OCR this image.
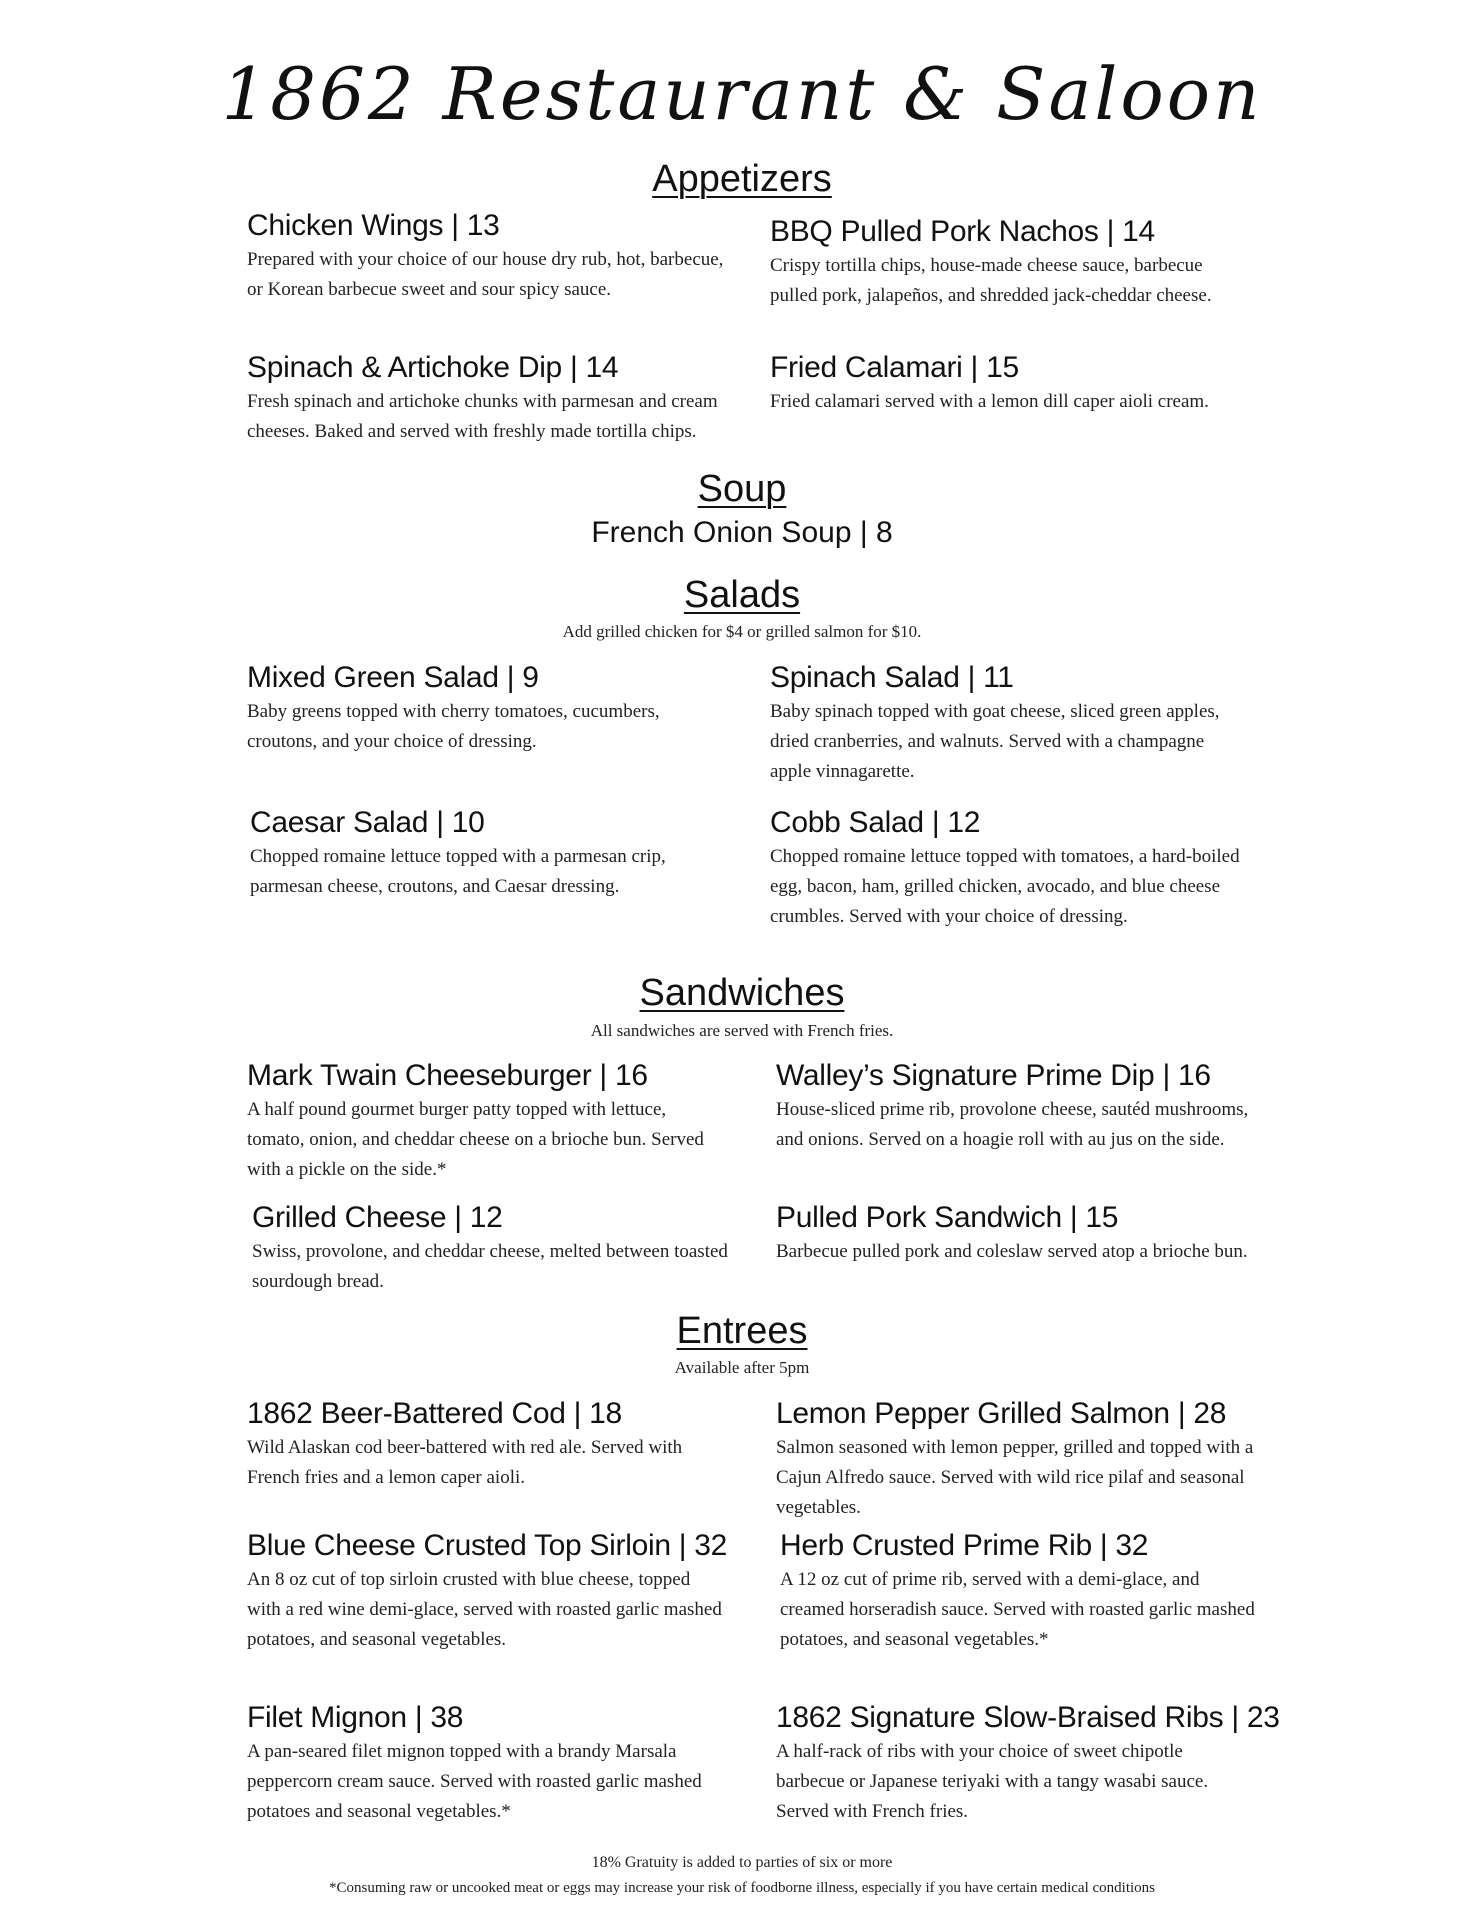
1862 Restaurant & Saloon
Appetizers
Chicken Wings | 13
Prepared with your choice of our house dry rub, hot, barbecue, or Korean barbecue sweet and sour spicy sauce.
BBQ Pulled Pork Nachos | 14
Crispy tortilla chips, house-made cheese sauce, barbecue pulled pork, jalapeños, and shredded jack-cheddar cheese.
Spinach & Artichoke Dip | 14
Fresh spinach and artichoke chunks with parmesan and cream cheeses. Baked and served with freshly made tortilla chips.
Fried Calamari | 15
Fried calamari served with a lemon dill caper aioli cream.
Soup
French Onion Soup | 8
Salads
Add grilled chicken for $4 or grilled salmon for $10.
Mixed Green Salad | 9
Baby greens topped with cherry tomatoes, cucumbers, croutons, and your choice of dressing.
Spinach Salad | 11
Baby spinach topped with goat cheese, sliced green apples, dried cranberries, and walnuts. Served with a champagne apple vinnagarette.
Caesar Salad | 10
Chopped romaine lettuce topped with a parmesan crip, parmesan cheese, croutons, and Caesar dressing.
Cobb Salad | 12
Chopped romaine lettuce topped with tomatoes, a hard-boiled egg, bacon, ham, grilled chicken, avocado, and blue cheese crumbles. Served with your choice of dressing.
Sandwiches
All sandwiches are served with French fries.
Mark Twain Cheeseburger | 16
A half pound gourmet burger patty topped with lettuce, tomato, onion, and cheddar cheese on a brioche bun. Served with a pickle on the side.*
Walley’s Signature Prime Dip | 16
House-sliced prime rib, provolone cheese, sautéd mushrooms, and onions. Served on a hoagie roll with au jus on the side.
Grilled Cheese | 12
Swiss, provolone, and cheddar cheese, melted between toasted sourdough bread.
Pulled Pork Sandwich | 15
Barbecue pulled pork and coleslaw served atop a brioche bun.
Entrees
Available after 5pm
1862 Beer-Battered Cod | 18
Wild Alaskan cod beer-battered with red ale. Served with French fries and a lemon caper aioli.
Lemon Pepper Grilled Salmon | 28
Salmon seasoned with lemon pepper, grilled and topped with a Cajun Alfredo sauce. Served with wild rice pilaf and seasonal vegetables.
Blue Cheese Crusted Top Sirloin | 32
An 8 oz cut of top sirloin crusted with blue cheese, topped with a red wine demi-glace, served with roasted garlic mashed potatoes, and seasonal vegetables.
Herb Crusted Prime Rib | 32
A 12 oz cut of prime rib, served with a demi-glace, and creamed horseradish sauce. Served with roasted garlic mashed potatoes, and seasonal vegetables.*
Filet Mignon | 38
A pan-seared filet mignon topped with a brandy Marsala peppercorn cream sauce. Served with roasted garlic mashed potatoes and seasonal vegetables.*
1862 Signature Slow-Braised Ribs | 23
A half-rack of ribs with your choice of sweet chipotle barbecue or Japanese teriyaki with a tangy wasabi sauce. Served with French fries.
18% Gratuity is added to parties of six or more
*Consuming raw or uncooked meat or eggs may increase your risk of foodborne illness, especially if you have certain medical conditions
